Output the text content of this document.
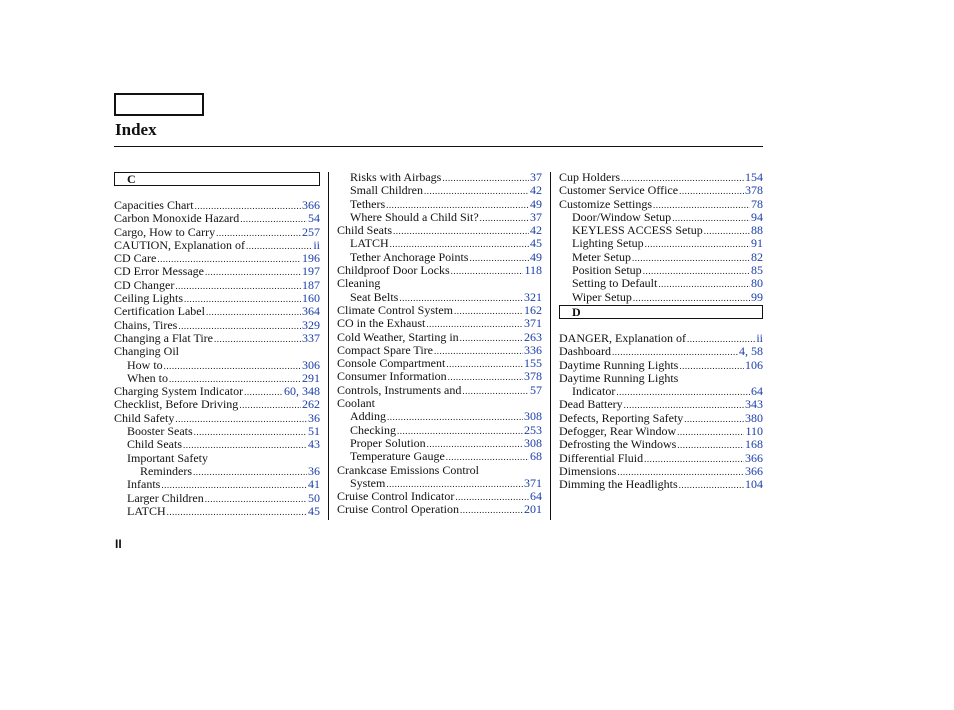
Index
C
Capacities Chart .....	366
Carbon Monoxide Hazard .....	54
Cargo, How to Carry .....	257
CAUTION, Explanation of .....	ii
CD Care .....	196
CD Error Message .....	197
CD Changer .....	187
Ceiling Lights .....	160
Certification Label .....	364
Chains, Tires .....	329
Changing a Flat Tire .....	337
Changing Oil
How to .....	306
When to .....	291
Charging System Indicator .....	60, 348
Checklist, Before Driving .....	262
Child Safety .....	36
Booster Seats .....	51
Child Seats .....	43
Important Safety
Reminders .....	36
Infants .....	41
Larger Children .....	50
LATCH .....	45
Risks with Airbags .....	37
Small Children .....	42
Tethers .....	49
Where Should a Child Sit? .....	37
Child Seats .....	42
LATCH .....	45
Tether Anchorage Points .....	49
Childproof Door Locks .....	118
Cleaning
Seat Belts .....	321
Climate Control System .....	162
CO in the Exhaust .....	371
Cold Weather, Starting in .....	263
Compact Spare Tire .....	336
Console Compartment .....	155
Consumer Information .....	378
Controls, Instruments and .....	57
Coolant
Adding .....	308
Checking .....	253
Proper Solution .....	308
Temperature Gauge .....	68
Crankcase Emissions Control
System .....	371
Cruise Control Indicator .....	64
Cruise Control Operation .....	201
Cup Holders .....	154
Customer Service Office .....	378
Customize Settings .....	78
Door/Window Setup .....	94
KEYLESS ACCESS Setup .....	88
Lighting Setup .....	91
Meter Setup .....	82
Position Setup .....	85
Setting to Default .....	80
Wiper Setup .....	99
D
DANGER, Explanation of .....	ii
Dashboard .....	4, 58
Daytime Running Lights .....	106
Daytime Running Lights
Indicator .....	64
Dead Battery .....	343
Defects, Reporting Safety .....	380
Defogger, Rear Window .....	110
Defrosting the Windows .....	168
Differential Fluid .....	366
Dimensions .....	366
Dimming the Headlights .....	104
II
